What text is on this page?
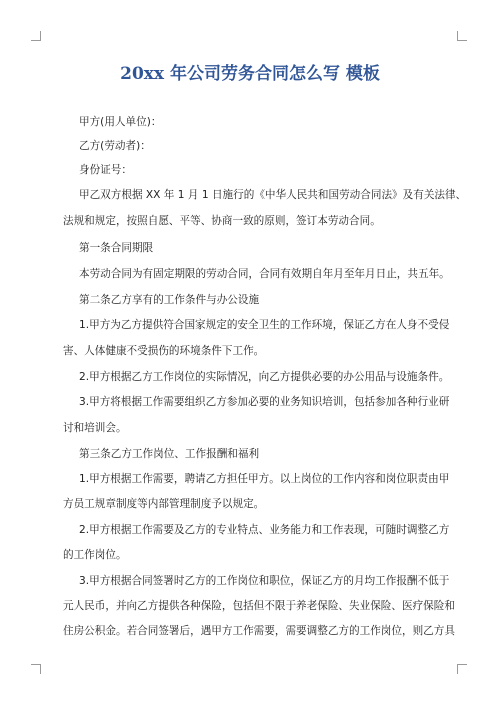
20xx 年公司劳务合同怎么写 模板
甲方(用人单位)：
乙方(劳动者)：
身份证号：
甲乙双方根据 XX 年 1 月 1 日施行的《中华人民共和国劳动合同法》及有关法律、
法规和规定，按照自愿、平等、协商一致的原则，签订本劳动合同。
第一条合同期限
本劳动合同为有固定期限的劳动合同，合同有效期自年月至年月日止，共五年。
第二条乙方享有的工作条件与办公设施
1.甲方为乙方提供符合国家规定的安全卫生的工作环境，保证乙方在人身不受侵
害、人体健康不受损伤的环境条件下工作。
2.甲方根据乙方工作岗位的实际情况，向乙方提供必要的办公用品与设施条件。
3.甲方将根据工作需要组织乙方参加必要的业务知识培训，包括参加各种行业研
讨和培训会。
第三条乙方工作岗位、工作报酬和福利
1.甲方根据工作需要，聘请乙方担任甲方。以上岗位的工作内容和岗位职责由甲
方员工规章制度等内部管理制度予以规定。
2.甲方根据工作需要及乙方的专业特点、业务能力和工作表现，可随时调整乙方
的工作岗位。
3.甲方根据合同签署时乙方的工作岗位和职位，保证乙方的月均工作报酬不低于
元人民币，并向乙方提供各种保险，包括但不限于养老保险、失业保险、医疗保险和
住房公积金。若合同签署后，遇甲方工作需要，需要调整乙方的工作岗位，则乙方具
